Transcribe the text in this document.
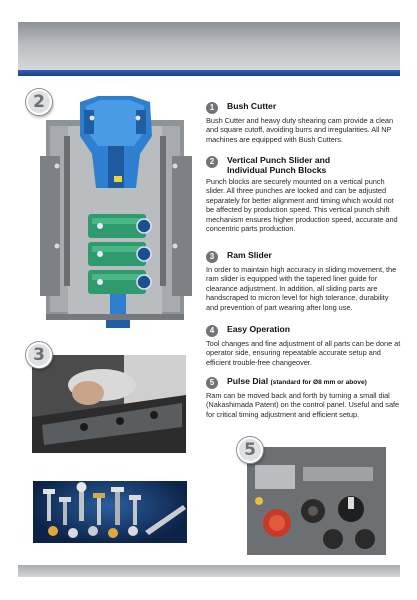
2
3
5
1	Bush Cutter
Bush Cutter and heavy duty shearing cam provide a clean and square cutoff, avoiding burrs and irregularities. All NP machines are equipped with Bush Cutters.
2	Vertical Punch Slider and
Individual Punch Blocks
Punch blocks are securely mounted on a vertical punch slider. All three punches are locked and can be adjusted separately for better alignment and timing which would not be affected by production speed. This vertical punch shift mechanism ensures higher production speed, accurate and concentric parts production.
3	Ram Slider
In order to maintain high accuracy in sliding movement, the ram slider is equipped with the tapered liner guide for clearance adjustment. In addition, all sliding parts are handscraped to micron level for high tolerance, durability and prevention of part wearing after long use.
4	Easy Operation
Tool changes and fine adjustment of all parts can be done at operator side, ensuring repeatable accurate setup and efficient trouble-free changeover.
5	Pulse Dial (standard for Ø8 mm or above)
Ram can be moved back and forth by turning a small dial (Nakashimada Patent) on the control panel. Useful and safe for critical timing adjustment and efficient setup.
